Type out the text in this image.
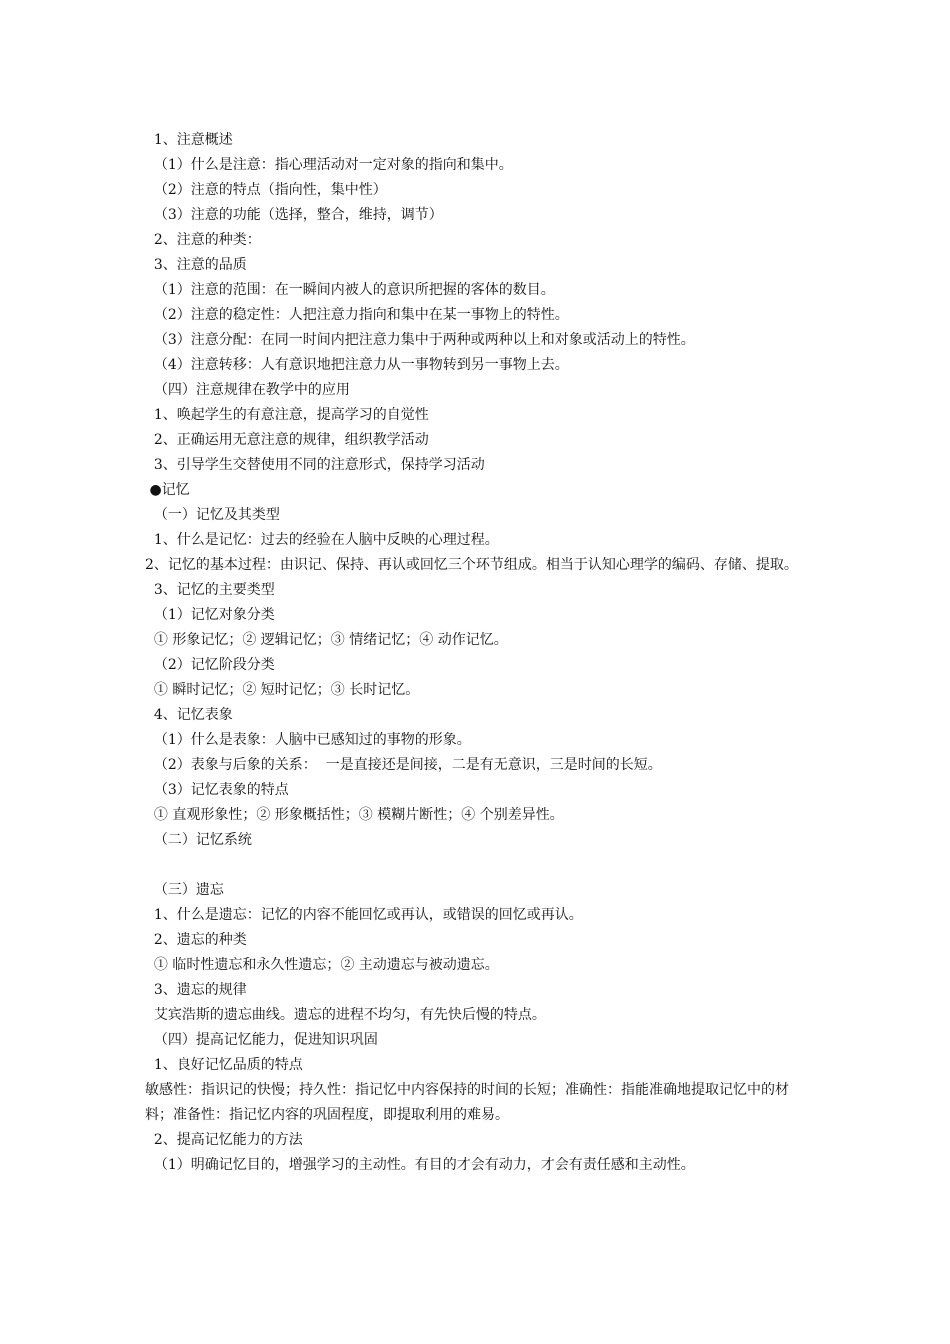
1、注意概述
（1）什么是注意：指心理活动对一定对象的指向和集中。
（2）注意的特点（指向性，集中性）
（3）注意的功能（选择，整合，维持，调节）
2、注意的种类：
3、注意的品质
（1）注意的范围：在一瞬间内被人的意识所把握的客体的数目。
（2）注意的稳定性：人把注意力指向和集中在某一事物上的特性。
（3）注意分配：在同一时间内把注意力集中于两种或两种以上和对象或活动上的特性。
（4）注意转移：人有意识地把注意力从一事物转到另一事物上去。
（四）注意规律在教学中的应用
1、唤起学生的有意注意，提高学习的自觉性
2、正确运用无意注意的规律，组织教学活动
3、引导学生交替使用不同的注意形式，保持学习活动
●记忆
（一）记忆及其类型
1、什么是记忆：过去的经验在人脑中反映的心理过程。
2、记忆的基本过程：由识记、保持、再认或回忆三个环节组成。相当于认知心理学的编码、存储、提取。
3、记忆的主要类型
（1）记忆对象分类
① 形象记忆；② 逻辑记忆；③ 情绪记忆；④ 动作记忆。
（2）记忆阶段分类
① 瞬时记忆；② 短时记忆；③ 长时记忆。
4、记忆表象
（1）什么是表象：人脑中已感知过的事物的形象。
（2）表象与后象的关系：  一是直接还是间接，二是有无意识，三是时间的长短。
（3）记忆表象的特点
① 直观形象性；② 形象概括性；③ 模糊片断性；④ 个别差异性。
（二）记忆系统
（三）遗忘
1、什么是遗忘：记忆的内容不能回忆或再认，或错误的回忆或再认。
2、遗忘的种类
① 临时性遗忘和永久性遗忘；② 主动遗忘与被动遗忘。
3、遗忘的规律
艾宾浩斯的遗忘曲线。遗忘的进程不均匀，有先快后慢的特点。
（四）提高记忆能力，促进知识巩固
1、良好记忆品质的特点
敏感性：指识记的快慢；持久性：指记忆中内容保持的时间的长短；准确性：指能准确地提取记忆中的材料；准备性：指记忆内容的巩固程度，即提取利用的难易。
2、提高记忆能力的方法
（1）明确记忆目的，增强学习的主动性。有目的才会有动力，才会有责任感和主动性。
